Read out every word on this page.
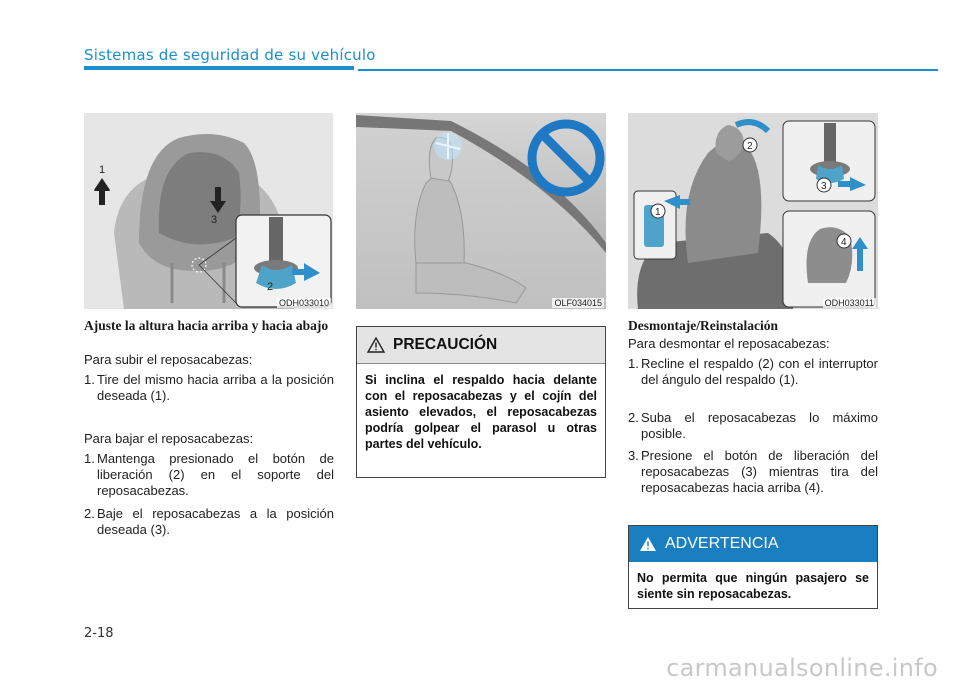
Sistemas de seguridad de su vehículo
1
2
3
ODH033010	OLF034015
1
2
3
4
ODH033011
Ajuste la altura hacia arriba y hacia abajo
Para subir el reposacabezas:
1. Tire del mismo hacia arriba a la posición deseada (1).
Para bajar el reposacabezas:
1. Mantenga presionado el botón de liberación (2) en el soporte del reposacabezas.
2. Baje el reposacabezas a la posición deseada (3).
PRECAUCIÓN
Si inclina el respaldo hacia delante con el reposacabezas y el cojín del asiento elevados, el reposacabezas podría golpear el parasol u otras partes del vehículo.
Desmontaje/Reinstalación
Para desmontar el reposacabezas:
1. Recline el respaldo (2) con el interruptor del ángulo del respaldo (1).
2. Suba el reposacabezas lo máximo posible.
3. Presione el botón de liberación del reposacabezas (3) mientras tira del reposacabezas hacia arriba (4).
ADVERTENCIA
No permita que ningún pasajero se siente sin reposacabezas.
2-18
carmanualsonline.info
